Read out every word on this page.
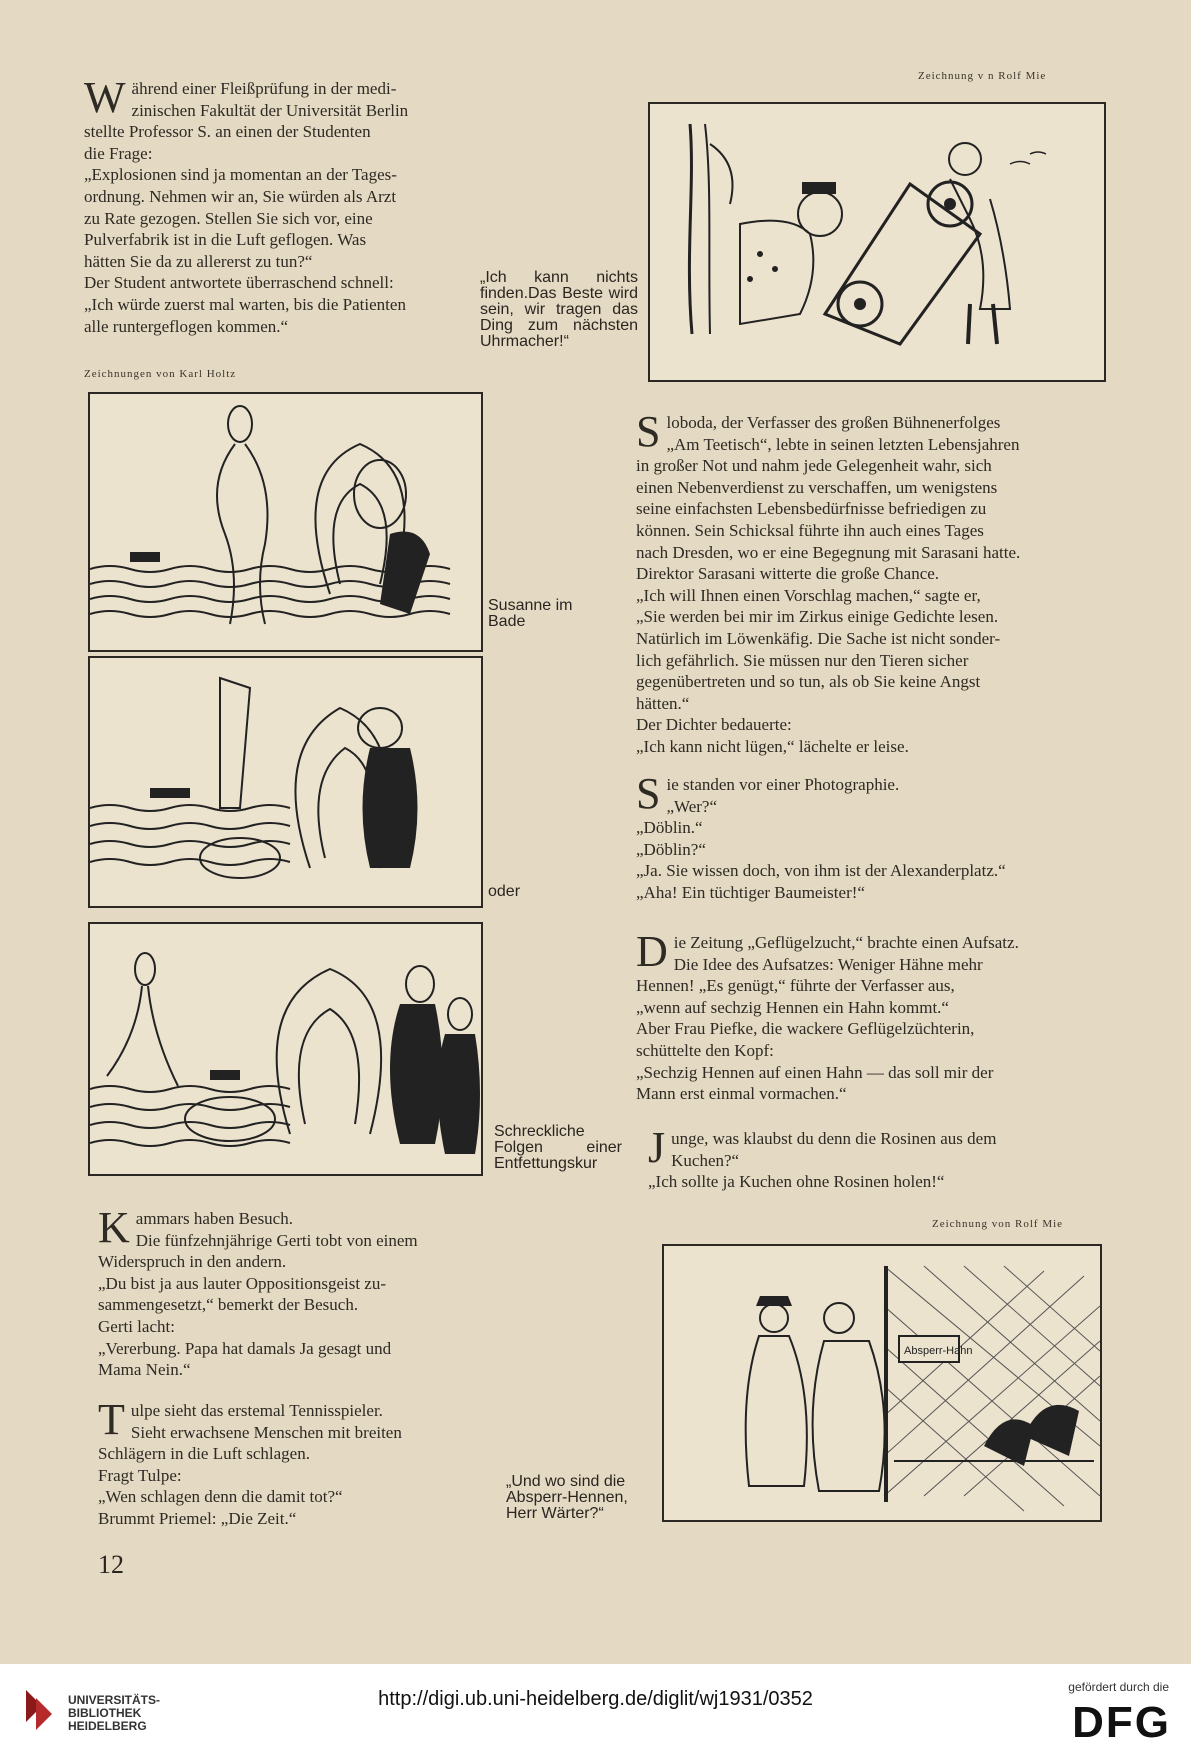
W ährend einer Fleißprüfung in der medi-

zinischen Fakultät der Universität Berlin

stellte Professor S. an einen der Studenten

die Frage:

„Explosionen sind ja momentan an der Tages-

ordnung. Nehmen wir an, Sie würden als Arzt

zu Rate gezogen. Stellen Sie sich vor, eine

Pulverfabrik ist in die Luft geflogen. Was

hätten Sie da zu allererst zu tun?“

Der Student antwortete überraschend schnell:

„Ich würde zuerst mal warten, bis die Patienten

alle runtergeflogen kommen.“

Zeichnung v n Rolf Mie
„Ich kann nichts finden.Das Beste wird sein, wir tragen das Ding zum nächsten Uhrmacher!“
Zeichnungen von Karl Holtz
Susanne im Bade
oder
Schreckliche Folgen einer Entfettungskur
S loboda, der Verfasser des großen Bühnenerfolges

„Am Teetisch“, lebte in seinen letzten Lebensjahren

in großer Not und nahm jede Gelegenheit wahr, sich

einen Nebenverdienst zu verschaffen, um wenigstens

seine einfachsten Lebensbedürfnisse befriedigen zu

können. Sein Schicksal führte ihn auch eines Tages

nach Dresden, wo er eine Begegnung mit Sarasani hatte.

Direktor Sarasani witterte die große Chance.

„Ich will Ihnen einen Vorschlag machen,“ sagte er,

„Sie werden bei mir im Zirkus einige Gedichte lesen.

Natürlich im Löwenkäfig. Die Sache ist nicht sonder-

lich gefährlich. Sie müssen nur den Tieren sicher

gegenübertreten und so tun, als ob Sie keine Angst

hätten.“

Der Dichter bedauerte:

„Ich kann nicht lügen,“ lächelte er leise.

S ie standen vor einer Photographie.

„Wer?“

„Döblin.“

„Döblin?“

„Ja. Sie wissen doch, von ihm ist der Alexanderplatz.“

„Aha! Ein tüchtiger Baumeister!“

D ie Zeitung „Geflügelzucht,“ brachte einen Aufsatz.

Die Idee des Aufsatzes: Weniger Hähne mehr

Hennen! „Es genügt,“ führte der Verfasser aus,

„wenn auf sechzig Hennen ein Hahn kommt.“

Aber Frau Piefke, die wackere Geflügelzüchterin,

schüttelte den Kopf:

„Sechzig Hennen auf einen Hahn — das soll mir der

Mann erst einmal vormachen.“

J unge, was klaubst du denn die Rosinen aus dem

Kuchen?“

„Ich sollte ja Kuchen ohne Rosinen holen!“

Zeichnung von Rolf Mie
Absperr-Hahn
„Und wo sind die Absperr-Hennen, Herr Wärter?“
K ammars haben Besuch.

Die fünfzehnjährige Gerti tobt von einem

Widerspruch in den andern.

„Du bist ja aus lauter Oppositionsgeist zu-

sammengesetzt,“ bemerkt der Besuch.

Gerti lacht:

„Vererbung. Papa hat damals Ja gesagt und

Mama Nein.“

T ulpe sieht das erstemal Tennisspieler.

Sieht erwachsene Menschen mit breiten

Schlägern in die Luft schlagen.

Fragt Tulpe:

„Wen schlagen denn die damit tot?“

Brummt Priemel: „Die Zeit.“

12
UNIVERSITÄTS-
BIBLIOTHEK
HEIDELBERG
http://digi.ub.uni-heidelberg.de/diglit/wj1931/0352
gefördert durch die
DFG
